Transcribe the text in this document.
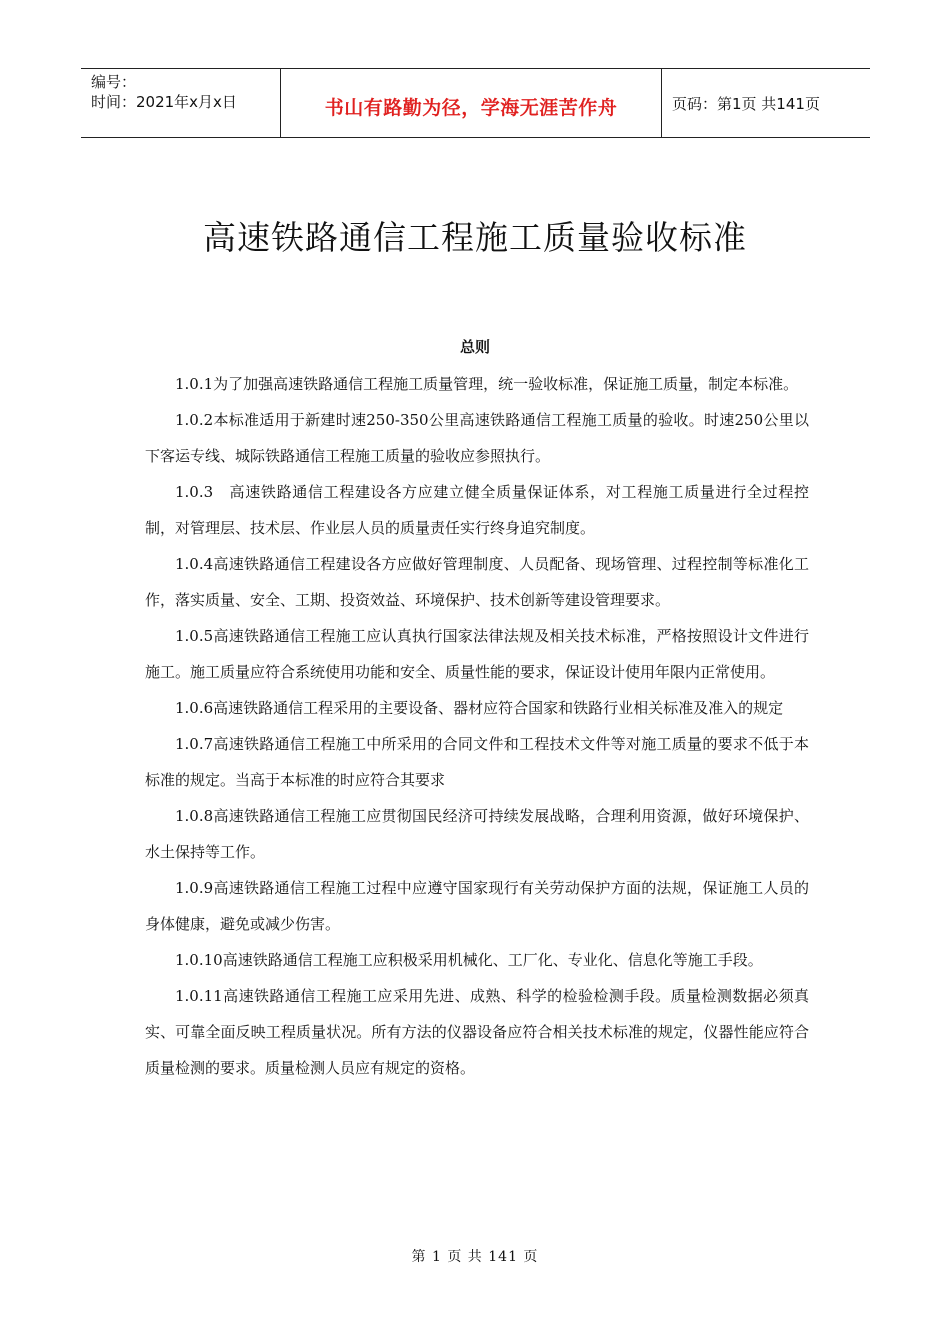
编号：
时间：2021年x月x日	书山有路勤为径，学海无涯苦作舟	页码：第1页 共141页
高速铁路通信工程施工质量验收标准
总则

1.0.1为了加强高速铁路通信工程施工质量管理，统一验收标准，保证施工质量，制定本标准。

1.0.2本标准适用于新建时速250-350公里高速铁路通信工程施工质量的验收。时速250公里以下客运专线、城际铁路通信工程施工质量的验收应参照执行。

1.0.3　高速铁路通信工程建设各方应建立健全质量保证体系，对工程施工质量进行全过程控制，对管理层、技术层、作业层人员的质量责任实行终身追究制度。

1.0.4高速铁路通信工程建设各方应做好管理制度、人员配备、现场管理、过程控制等标准化工作，落实质量、安全、工期、投资效益、环境保护、技术创新等建设管理要求。

1.0.5高速铁路通信工程施工应认真执行国家法律法规及相关技术标准，严格按照设计文件进行施工。施工质量应符合系统使用功能和安全、质量性能的要求，保证设计使用年限内正常使用。

1.0.6高速铁路通信工程采用的主要设备、器材应符合国家和铁路行业相关标准及准入的规定

1.0.7高速铁路通信工程施工中所采用的合同文件和工程技术文件等对施工质量的要求不低于本标准的规定。当高于本标准的时应符合其要求

1.0.8高速铁路通信工程施工应贯彻国民经济可持续发展战略，合理利用资源，做好环境保护、水土保持等工作。

1.0.9高速铁路通信工程施工过程中应遵守国家现行有关劳动保护方面的法规，保证施工人员的身体健康，避免或减少伤害。

1.0.10高速铁路通信工程施工应积极采用机械化、工厂化、专业化、信息化等施工手段。

1.0.11高速铁路通信工程施工应采用先进、成熟、科学的检验检测手段。质量检测数据必须真实、可靠全面反映工程质量状况。所有方法的仪器设备应符合相关技术标准的规定，仪器性能应符合质量检测的要求。质量检测人员应有规定的资格。

第 1 页 共 141 页
